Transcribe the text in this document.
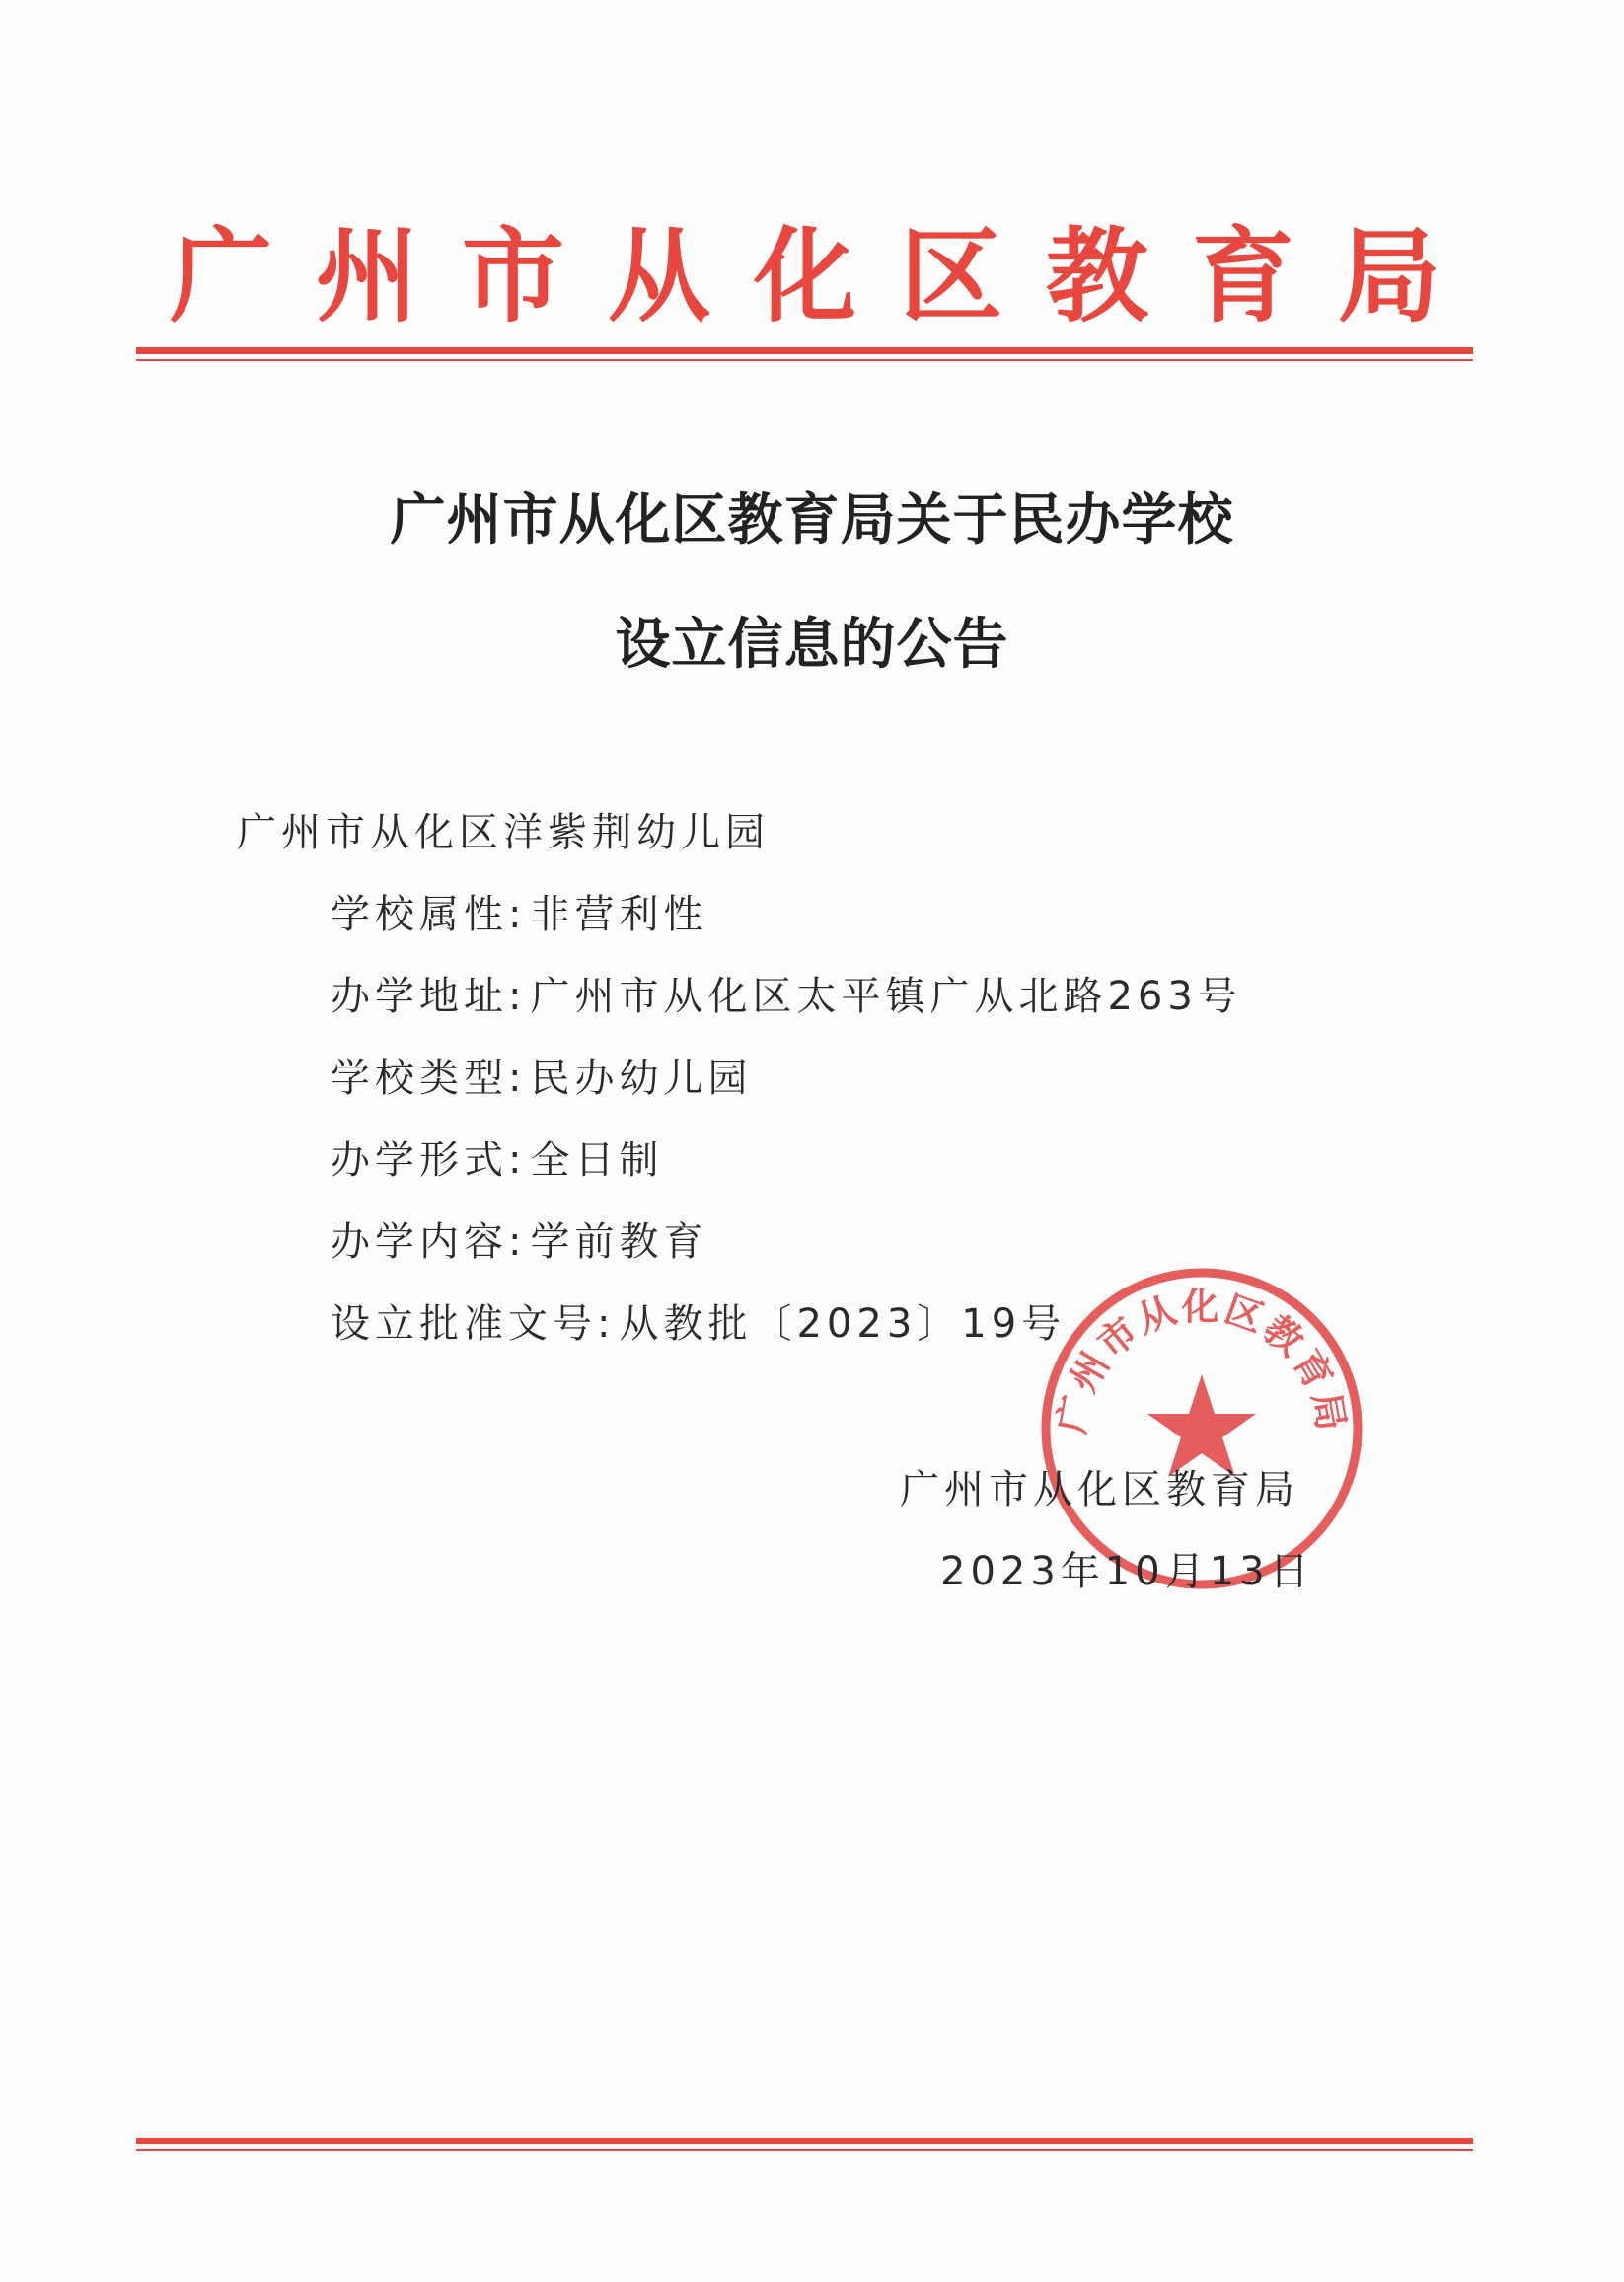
广州市从化区教育局
广州市从化区教育局关于民办学校
设立信息的公告
广州市从化区洋紫荆幼儿园
学校属性: 非营利性
办学地址: 广州市从化区太平镇广从北路263号
学校类型: 民办幼儿园
办学形式: 全日制
办学内容: 学前教育
设立批准文号: 从教批〔2023〕19号
广州市从化区教育局
广州市从化区教育局
2023年10月13日
